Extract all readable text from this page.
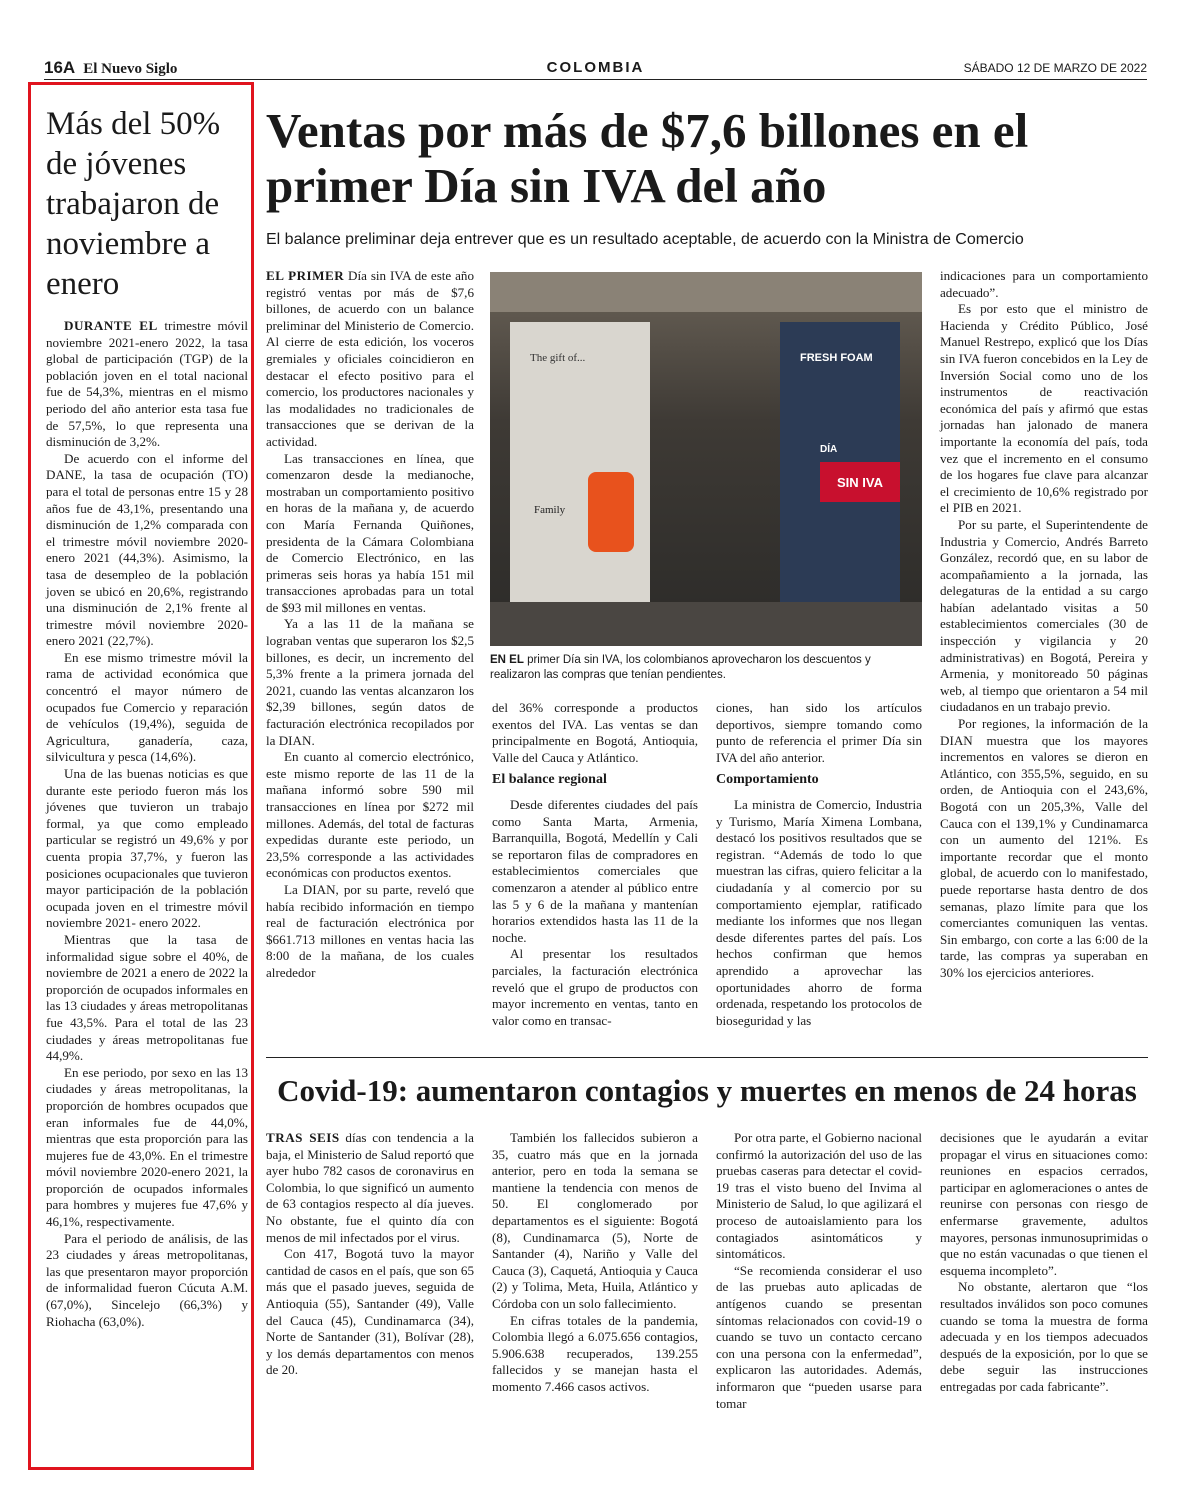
16A El Nuevo Siglo	COLOMBIA	SÁBADO 12 DE MARZO DE 2022
Más del 50% de jóvenes trabajaron de noviembre a enero

DURANTE EL trimestre móvil noviembre 2021-enero 2022, la tasa global de participación (TGP) de la población joven en el total nacional fue de 54,3%, mientras en el mismo periodo del año anterior esta tasa fue de 57,5%, lo que representa una disminución de 3,2%.

De acuerdo con el informe del DANE, la tasa de ocupación (TO) para el total de personas entre 15 y 28 años fue de 43,1%, presentando una disminución de 1,2% comparada con el trimestre móvil noviembre 2020-enero 2021 (44,3%). Asimismo, la tasa de desempleo de la población joven se ubicó en 20,6%, registrando una disminución de 2,1% frente al trimestre móvil noviembre 2020-enero 2021 (22,7%).

En ese mismo trimestre móvil la rama de actividad económica que concentró el mayor número de ocupados fue Comercio y reparación de vehículos (19,4%), seguida de Agricultura, ganadería, caza, silvicultura y pesca (14,6%).

Una de las buenas noticias es que durante este periodo fueron más los jóvenes que tuvieron un trabajo formal, ya que como empleado particular se registró un 49,6% y por cuenta propia 37,7%, y fueron las posiciones ocupacionales que tuvieron mayor participación de la población ocupada joven en el trimestre móvil noviembre 2021- enero 2022.

Mientras que la tasa de informalidad sigue sobre el 40%, de noviembre de 2021 a enero de 2022 la proporción de ocupados informales en las 13 ciudades y áreas metropolitanas fue 43,5%. Para el total de las 23 ciudades y áreas metropolitanas fue 44,9%.

En ese periodo, por sexo en las 13 ciudades y áreas metropolitanas, la proporción de hombres ocupados que eran informales fue de 44,0%, mientras que esta proporción para las mujeres fue de 43,0%. En el trimestre móvil noviembre 2020-enero 2021, la proporción de ocupados informales para hombres y mujeres fue 47,6% y 46,1%, respectivamente.

Para el periodo de análisis, de las 23 ciudades y áreas metropolitanas, las que presentaron mayor proporción de informalidad fueron Cúcuta A.M. (67,0%), Sincelejo (66,3%) y Riohacha (63,0%).

Ventas por más de $7,6 billones en el primer Día sin IVA del año
El balance preliminar deja entrever que es un resultado aceptable, de acuerdo con la Ministra de Comercio

EL PRIMER Día sin IVA de este año registró ventas por más de $7,6 billones, de acuerdo con un balance preliminar del Ministerio de Comercio. Al cierre de esta edición, los voceros gremiales y oficiales coincidieron en destacar el efecto positivo para el comercio, los productores nacionales y las modalidades no tradicionales de transacciones que se derivan de la actividad.

Las transacciones en línea, que comenzaron desde la medianoche, mostraban un comportamiento positivo en horas de la mañana y, de acuerdo con María Fernanda Quiñones, presidenta de la Cámara Colombiana de Comercio Electrónico, en las primeras seis horas ya había 151 mil transacciones aprobadas para un total de $93 mil millones en ventas.

Ya a las 11 de la mañana se lograban ventas que superaron los $2,5 billones, es decir, un incremento del 5,3% frente a la primera jornada del 2021, cuando las ventas alcanzaron los $2,39 billones, según datos de facturación electrónica recopilados por la DIAN.

En cuanto al comercio electrónico, este mismo reporte de las 11 de la mañana informó sobre 590 mil transacciones en línea por $272 mil millones. Además, del total de facturas expedidas durante este periodo, un 23,5% corresponde a las actividades económicas con productos exentos.

La DIAN, por su parte, reveló que había recibido información en tiempo real de facturación electrónica por $661.713 millones en ventas hacia las 8:00 de la mañana, de los cuales alrededor

The gift of...
Family
FRESH FOAM
DÍA
SIN IVA
EN EL primer Día sin IVA, los colombianos aprovecharon los descuentos y realizaron las compras que tenían pendientes.

del 36% corresponde a productos exentos del IVA. Las ventas se dan principalmente en Bogotá, Antioquia, Valle del Cauca y Atlántico.

El balance regional

Desde diferentes ciudades del país como Santa Marta, Armenia, Barranquilla, Bogotá, Medellín y Cali se reportaron filas de compradores en establecimientos comerciales que comenzaron a atender al público entre las 5 y 6 de la mañana y mantenían horarios extendidos hasta las 11 de la noche.

Al presentar los resultados parciales, la facturación electrónica reveló que el grupo de productos con mayor incremento en ventas, tanto en valor como en transac-

ciones, han sido los artículos deportivos, siempre tomando como punto de referencia el primer Día sin IVA del año anterior.

Comportamiento

La ministra de Comercio, Industria y Turismo, María Ximena Lombana, destacó los positivos resultados que se registran. “Además de todo lo que muestran las cifras, quiero felicitar a la ciudadanía y al comercio por su comportamiento ejemplar, ratificado mediante los informes que nos llegan desde diferentes partes del país. Los hechos confirman que hemos aprendido a aprovechar las oportunidades ahorro de forma ordenada, respetando los protocolos de bioseguridad y las

indicaciones para un comportamiento adecuado”.

Es por esto que el ministro de Hacienda y Crédito Público, José Manuel Restrepo, explicó que los Días sin IVA fueron concebidos en la Ley de Inversión Social como uno de los instrumentos de reactivación económica del país y afirmó que estas jornadas han jalonado de manera importante la economía del país, toda vez que el incremento en el consumo de los hogares fue clave para alcanzar el crecimiento de 10,6% registrado por el PIB en 2021.

Por su parte, el Superintendente de Industria y Comercio, Andrés Barreto González, recordó que, en su labor de acompañamiento a la jornada, las delegaturas de la entidad a su cargo habían adelantado visitas a 50 establecimientos comerciales (30 de inspección y vigilancia y 20 administrativas) en Bogotá, Pereira y Armenia, y monitoreado 50 páginas web, al tiempo que orientaron a 54 mil ciudadanos en un trabajo previo.

Por regiones, la información de la DIAN muestra que los mayores incrementos en valores se dieron en Atlántico, con 355,5%, seguido, en su orden, de Antioquia con el 243,6%, Bogotá con un 205,3%, Valle del Cauca con el 139,1% y Cundinamarca con un aumento del 121%. Es importante recordar que el monto global, de acuerdo con lo manifestado, puede reportarse hasta dentro de dos semanas, plazo límite para que los comerciantes comuniquen las ventas. Sin embargo, con corte a las 6:00 de la tarde, las compras ya superaban en 30% los ejercicios anteriores.

Covid-19: aumentaron contagios y muertes en menos de 24 horas

TRAS SEIS días con tendencia a la baja, el Ministerio de Salud reportó que ayer hubo 782 casos de coronavirus en Colombia, lo que significó un aumento de 63 contagios respecto al día jueves. No obstante, fue el quinto día con menos de mil infectados por el virus.

Con 417, Bogotá tuvo la mayor cantidad de casos en el país, que son 65 más que el pasado jueves, seguida de Antioquia (55), Santander (49), Valle del Cauca (45), Cundinamarca (34), Norte de Santander (31), Bolívar (28), y los demás departamentos con menos de 20.

También los fallecidos subieron a 35, cuatro más que en la jornada anterior, pero en toda la semana se mantiene la tendencia con menos de 50. El conglomerado por departamentos es el siguiente: Bogotá (8), Cundinamarca (5), Norte de Santander (4), Nariño y Valle del Cauca (3), Caquetá, Antioquia y Cauca (2) y Tolima, Meta, Huila, Atlántico y Córdoba con un solo fallecimiento.

En cifras totales de la pandemia, Colombia llegó a 6.075.656 contagios, 5.906.638 recuperados, 139.255 fallecidos y se manejan hasta el momento 7.466 casos activos.

Por otra parte, el Gobierno nacional confirmó la autorización del uso de las pruebas caseras para detectar el covid-19 tras el visto bueno del Invima al Ministerio de Salud, lo que agilizará el proceso de autoaislamiento para los contagiados asintomáticos y sintomáticos.

“Se recomienda considerar el uso de las pruebas auto aplicadas de antígenos cuando se presentan síntomas relacionados con covid-19 o cuando se tuvo un contacto cercano con una persona con la enfermedad”, explicaron las autoridades. Además, informaron que “pueden usarse para tomar

decisiones que le ayudarán a evitar propagar el virus en situaciones como: reuniones en espacios cerrados, participar en aglomeraciones o antes de reunirse con personas con riesgo de enfermarse gravemente, adultos mayores, personas inmunosuprimidas o que no están vacunadas o que tienen el esquema incompleto”.

No obstante, alertaron que “los resultados inválidos son poco comunes cuando se toma la muestra de forma adecuada y en los tiempos adecuados después de la exposición, por lo que se debe seguir las instrucciones entregadas por cada fabricante”.
